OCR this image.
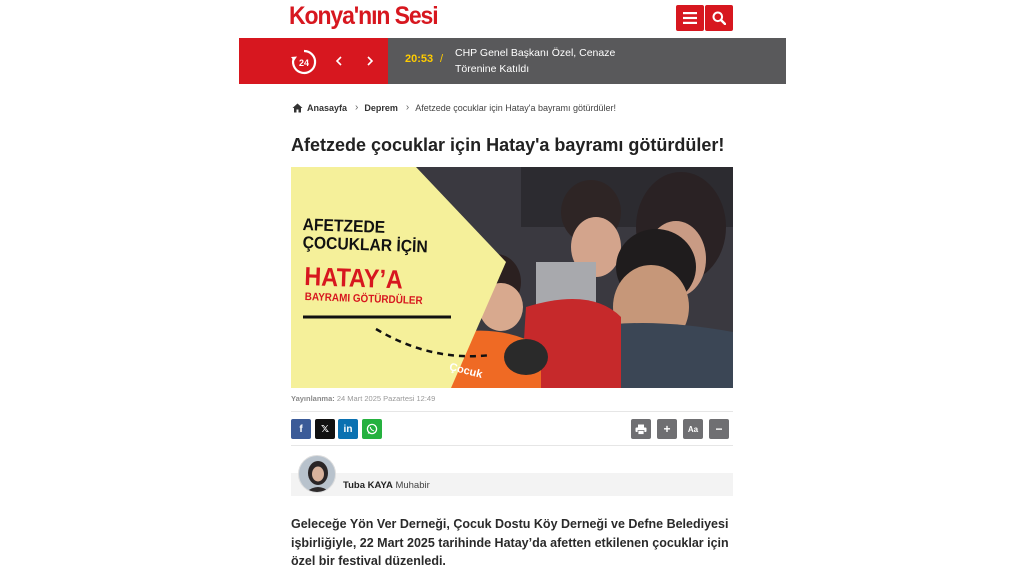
Konya'nın Sesi
24	20:53 / CHP Genel Başkanı Özel, Cenaze Törenine Katıldı
Anasayfa › Deprem › Afetzede çocuklar için Hatay'a bayramı götürdüler!
Afetzede çocuklar için Hatay'a bayramı götürdüler!
AFETZEDE
ÇOCUKLAR İÇİN
HATAY’A
BAYRAMI GÖTÜRDÜLER
Çocuk
Yayınlanma: 24 Mart 2025 Pazartesi 12:49
f 𝕏 in	+ Aa −
Tuba KAYA Muhabir

Geleceğe Yön Ver Derneği, Çocuk Dostu Köy Derneği ve Defne Belediyesi işbirliğiyle, 22 Mart 2025 tarihinde Hatay’da afetten etkilenen çocuklar için özel bir festival düzenledi.
